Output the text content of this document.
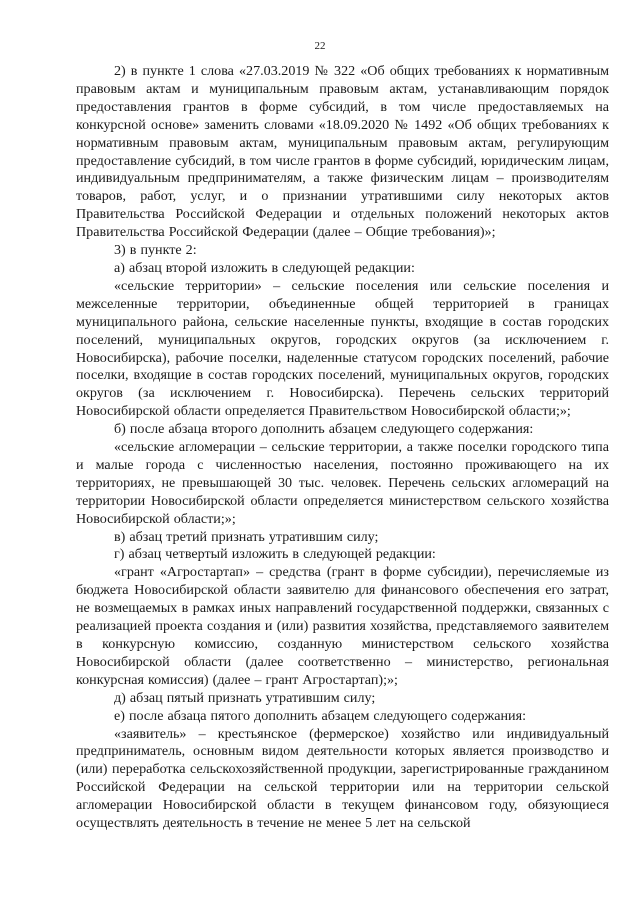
22

2) в пункте 1 слова «27.03.2019 № 322 «Об общих требованиях к нормативным правовым актам и муниципальным правовым актам, устанавливающим порядок предоставления грантов в форме субсидий, в том числе предоставляемых на конкурсной основе» заменить словами «18.09.2020 № 1492 «Об общих требованиях к нормативным правовым актам, муниципальным правовым актам, регулирующим предоставление субсидий, в том числе грантов в форме субсидий, юридическим лицам, индивидуальным предпринимателям, а также физическим лицам – производителям товаров, работ, услуг, и о признании утратившими силу некоторых актов Правительства Российской Федерации и отдельных положений некоторых актов Правительства Российской Федерации (далее – Общие требования)»;

3) в пункте 2:

а) абзац второй изложить в следующей редакции:

«сельские территории» – сельские поселения или сельские поселения и межселенные территории, объединенные общей территорией в границах муниципального района, сельские населенные пункты, входящие в состав городских поселений, муниципальных округов, городских округов (за исключением г. Новосибирска), рабочие поселки, наделенные статусом городских поселений, рабочие поселки, входящие в состав городских поселений, муниципальных округов, городских округов (за исключением г. Новосибирска). Перечень сельских территорий Новосибирской области определяется Правительством Новосибирской области;»;

б) после абзаца второго дополнить абзацем следующего содержания:

«сельские агломерации – сельские территории, а также поселки городского типа и малые города с численностью населения, постоянно проживающего на их территориях, не превышающей 30 тыс. человек. Перечень сельских агломераций на территории Новосибирской области определяется министерством сельского хозяйства Новосибирской области;»;

в) абзац третий признать утратившим силу;

г) абзац четвертый изложить в следующей редакции:

«грант «Агростартап» – средства (грант в форме субсидии), перечисляемые из бюджета Новосибирской области заявителю для финансового обеспечения его затрат, не возмещаемых в рамках иных направлений государственной поддержки, связанных с реализацией проекта создания и (или) развития хозяйства, представляемого заявителем в конкурсную комиссию, созданную министерством сельского хозяйства Новосибирской области (далее соответственно – министерство, региональная конкурсная комиссия) (далее – грант Агростартап);»;

д) абзац пятый признать утратившим силу;

е) после абзаца пятого дополнить абзацем следующего содержания:

«заявитель» – крестьянское (фермерское) хозяйство или индивидуальный предприниматель, основным видом деятельности которых является производство и (или) переработка сельскохозяйственной продукции, зарегистрированные гражданином Российской Федерации на сельской территории или на территории сельской агломерации Новосибирской области в текущем финансовом году, обязующиеся осуществлять деятельность в течение не менее 5 лет на сельской
